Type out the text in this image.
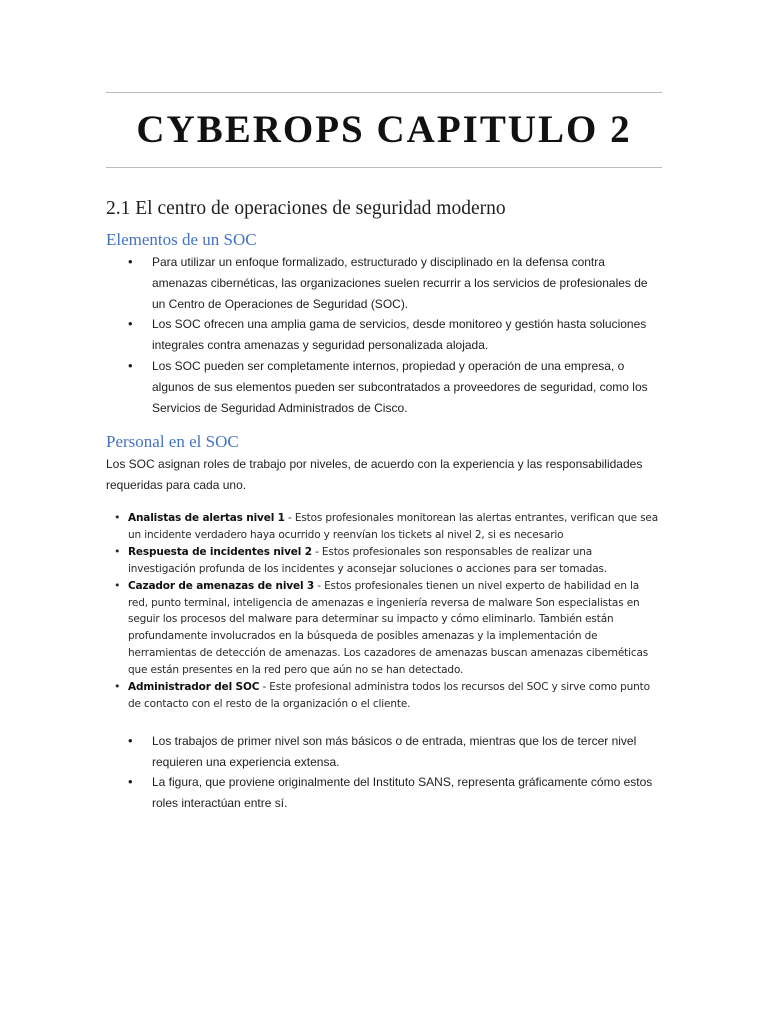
CYBEROPS CAPITULO 2
2.1 El centro de operaciones de seguridad moderno
Elementos de un SOC
• Para utilizar un enfoque formalizado, estructurado y disciplinado en la defensa contra amenazas cibernéticas, las organizaciones suelen recurrir a los servicios de profesionales de un Centro de Operaciones de Seguridad (SOC).
• Los SOC ofrecen una amplia gama de servicios, desde monitoreo y gestión hasta soluciones integrales contra amenazas y seguridad personalizada alojada.
• Los SOC pueden ser completamente internos, propiedad y operación de una empresa, o algunos de sus elementos pueden ser subcontratados a proveedores de seguridad, como los Servicios de Seguridad Administrados de Cisco.
Personal en el SOC

Los SOC asignan roles de trabajo por niveles, de acuerdo con la experiencia y las responsabilidades requeridas para cada uno.

• Analistas de alertas nivel 1 - Estos profesionales monitorean las alertas entrantes, verifican que sea un incidente verdadero haya ocurrido y reenvían los tickets al nivel 2, si es necesario
• Respuesta de incidentes nivel 2 - Estos profesionales son responsables de realizar una investigación profunda de los incidentes y aconsejar soluciones o acciones para ser tomadas.
• Cazador de amenazas de nivel 3 - Estos profesionales tienen un nivel experto de habilidad en la red, punto terminal, inteligencia de amenazas e ingeniería reversa de malware Son especialistas en seguir los procesos del malware para determinar su impacto y cómo eliminarlo. También están profundamente involucrados en la búsqueda de posibles amenazas y la implementación de herramientas de detección de amenazas. Los cazadores de amenazas buscan amenazas cibernéticas que están presentes en la red pero que aún no se han detectado.
• Administrador del SOC - Este profesional administra todos los recursos del SOC y sirve como punto de contacto con el resto de la organización o el cliente.
• Los trabajos de primer nivel son más básicos o de entrada, mientras que los de tercer nivel requieren una experiencia extensa.
• La figura, que proviene originalmente del Instituto SANS, representa gráficamente cómo estos roles interactúan entre sí.
